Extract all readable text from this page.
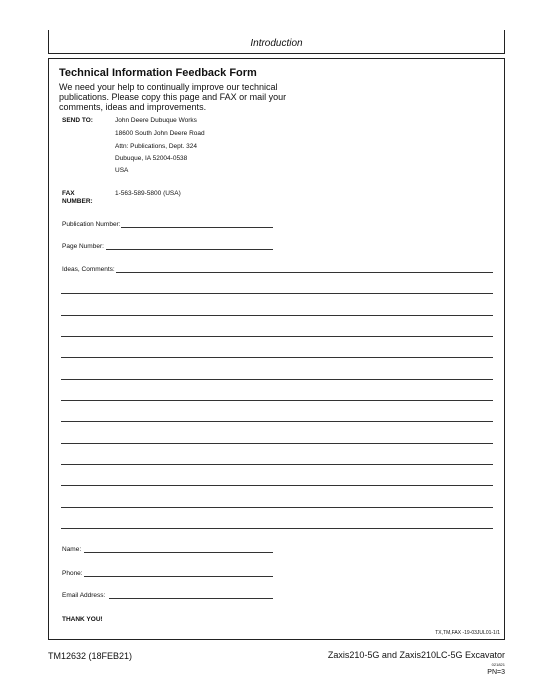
Introduction
Technical Information Feedback Form
We need your help to continually improve our technical publications. Please copy this page and FAX or mail your comments, ideas and improvements.
SEND TO:	John Deere Dubuque Works
18600 South John Deere Road
Attn: Publications, Dept. 324
Dubuque, IA 52004-0538
USA
FAX NUMBER:
1-563-589-5800 (USA)
Publication Number:
Page Number:
Ideas, Comments:
Name:
Phone:
Email Address:
THANK YOU!
TX,TM,FAX -19-03JUL01-1/1
TM12632 (18FEB21)	Zaxis210-5G and Zaxis210LC-5G Excavator
021821
PN=3
